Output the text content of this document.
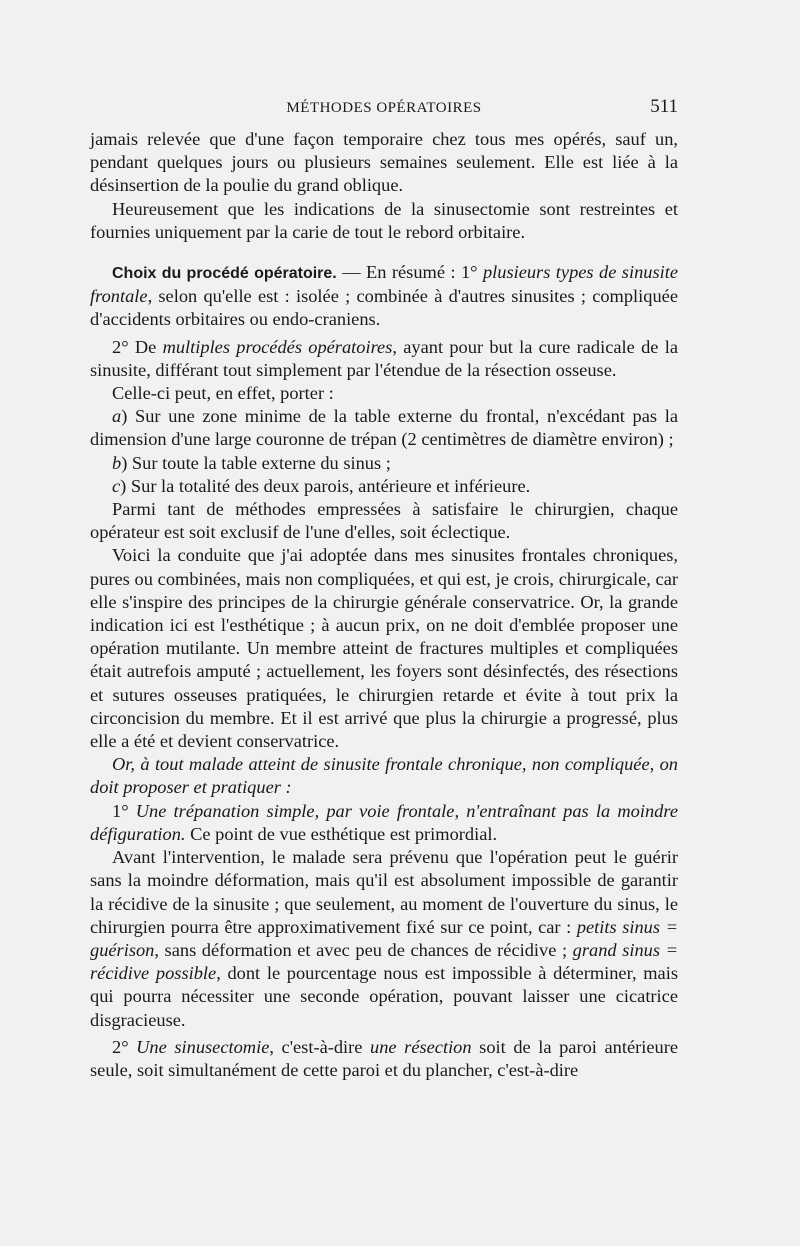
MÉTHODES OPÉRATOIRES	511

jamais relevée que d'une façon temporaire chez tous mes opérés, sauf un, pendant quelques jours ou plusieurs semaines seulement. Elle est liée à la désinsertion de la poulie du grand oblique.

Heureusement que les indications de la sinusectomie sont restreintes et fournies uniquement par la carie de tout le rebord orbitaire.

Choix du procédé opératoire. — En résumé : 1° plusieurs types de sinusite frontale, selon qu'elle est : isolée ; combinée à d'autres sinusites ; compliquée d'accidents orbitaires ou endo-craniens.

2° De multiples procédés opératoires, ayant pour but la cure radicale de la sinusite, différant tout simplement par l'étendue de la résection osseuse.

Celle-ci peut, en effet, porter :

a) Sur une zone minime de la table externe du frontal, n'excédant pas la dimension d'une large couronne de trépan (2 centimètres de diamètre environ) ;

b) Sur toute la table externe du sinus ;

c) Sur la totalité des deux parois, antérieure et inférieure.

Parmi tant de méthodes empressées à satisfaire le chirurgien, chaque opérateur est soit exclusif de l'une d'elles, soit éclectique.

Voici la conduite que j'ai adoptée dans mes sinusites frontales chroniques, pures ou combinées, mais non compliquées, et qui est, je crois, chirurgicale, car elle s'inspire des principes de la chirurgie générale conservatrice. Or, la grande indication ici est l'esthétique ; à aucun prix, on ne doit d'emblée proposer une opération mutilante. Un membre atteint de fractures multiples et compliquées était autrefois amputé ; actuellement, les foyers sont désinfectés, des résections et sutures osseuses pratiquées, le chirurgien retarde et évite à tout prix la circoncision du membre. Et il est arrivé que plus la chirurgie a progressé, plus elle a été et devient conservatrice.

Or, à tout malade atteint de sinusite frontale chronique, non compliquée, on doit proposer et pratiquer :

1° Une trépanation simple, par voie frontale, n'entraînant pas la moindre défiguration. Ce point de vue esthétique est primordial.

Avant l'intervention, le malade sera prévenu que l'opération peut le guérir sans la moindre déformation, mais qu'il est absolument impossible de garantir la récidive de la sinusite ; que seulement, au moment de l'ouverture du sinus, le chirurgien pourra être approximativement fixé sur ce point, car : petits sinus = guérison, sans déformation et avec peu de chances de récidive ; grand sinus = récidive possible, dont le pourcentage nous est impossible à déterminer, mais qui pourra nécessiter une seconde opération, pouvant laisser une cicatrice disgracieuse.

2° Une sinusectomie, c'est-à-dire une résection soit de la paroi antérieure seule, soit simultanément de cette paroi et du plancher, c'est-à-dire
